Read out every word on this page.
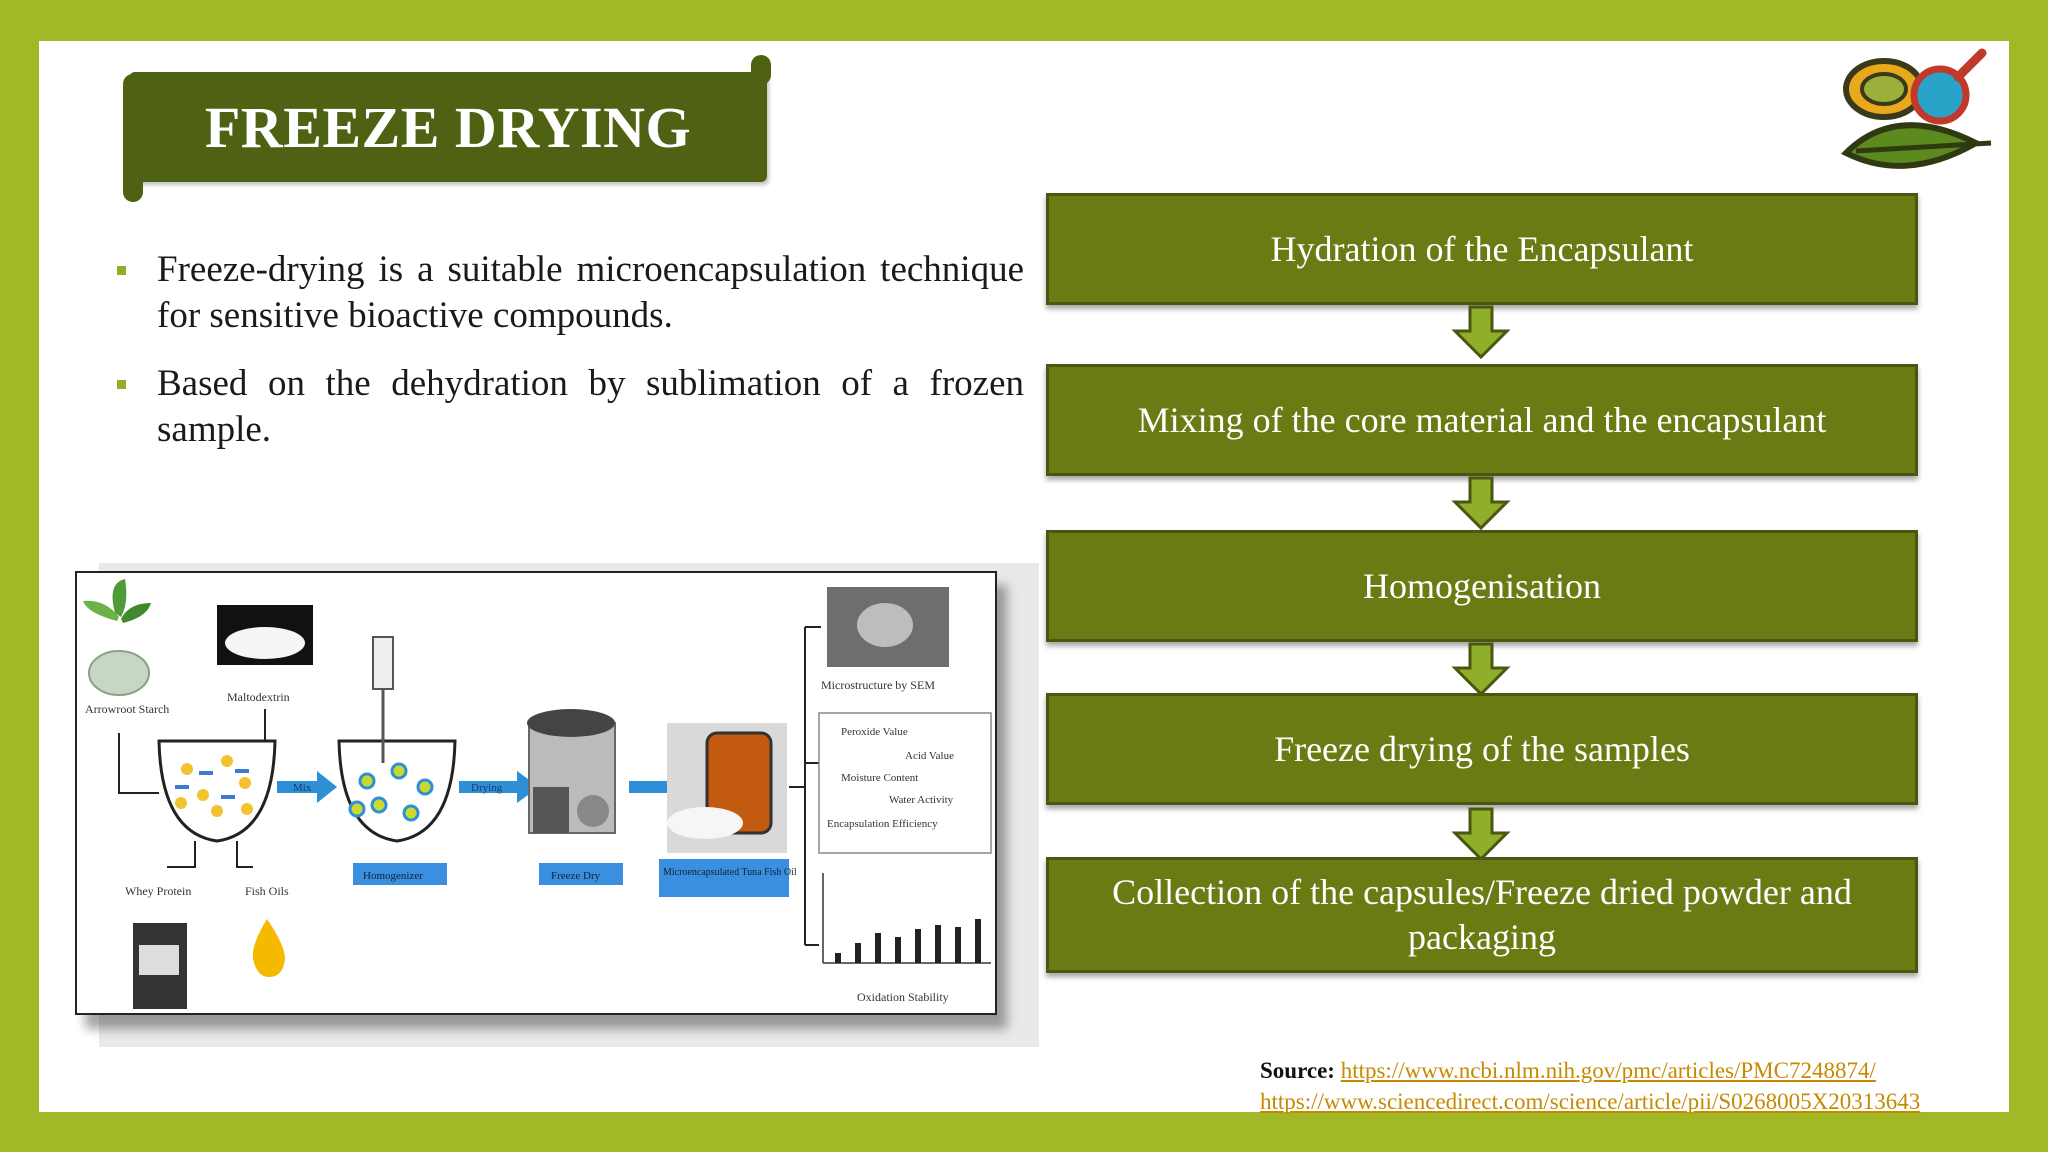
FREEZE DRYING
Freeze-drying is a suitable microencapsulation technique for sensitive bioactive compounds.
Based on the dehydration by sublimation of a frozen sample.
Arrowroot Starch
Maltodextrin
Whey Protein	Fish Oils
Mix	Drying
Homogenizer	Freeze Dry	Microencapsulated Tuna Fish Oil
Microstructure by SEM
Peroxide Value
Acid Value
Moisture Content
Water Activity
Encapsulation Efficiency
Oxidation Stability
Hydration of the Encapsulant
Mixing of the core material and the encapsulant
Homogenisation
Freeze drying of the samples
Collection of the capsules/Freeze dried powder and packaging
Source: https://www.ncbi.nlm.nih.gov/pmc/articles/PMC7248874/
https://www.sciencedirect.com/science/article/pii/S0268005X20313643
